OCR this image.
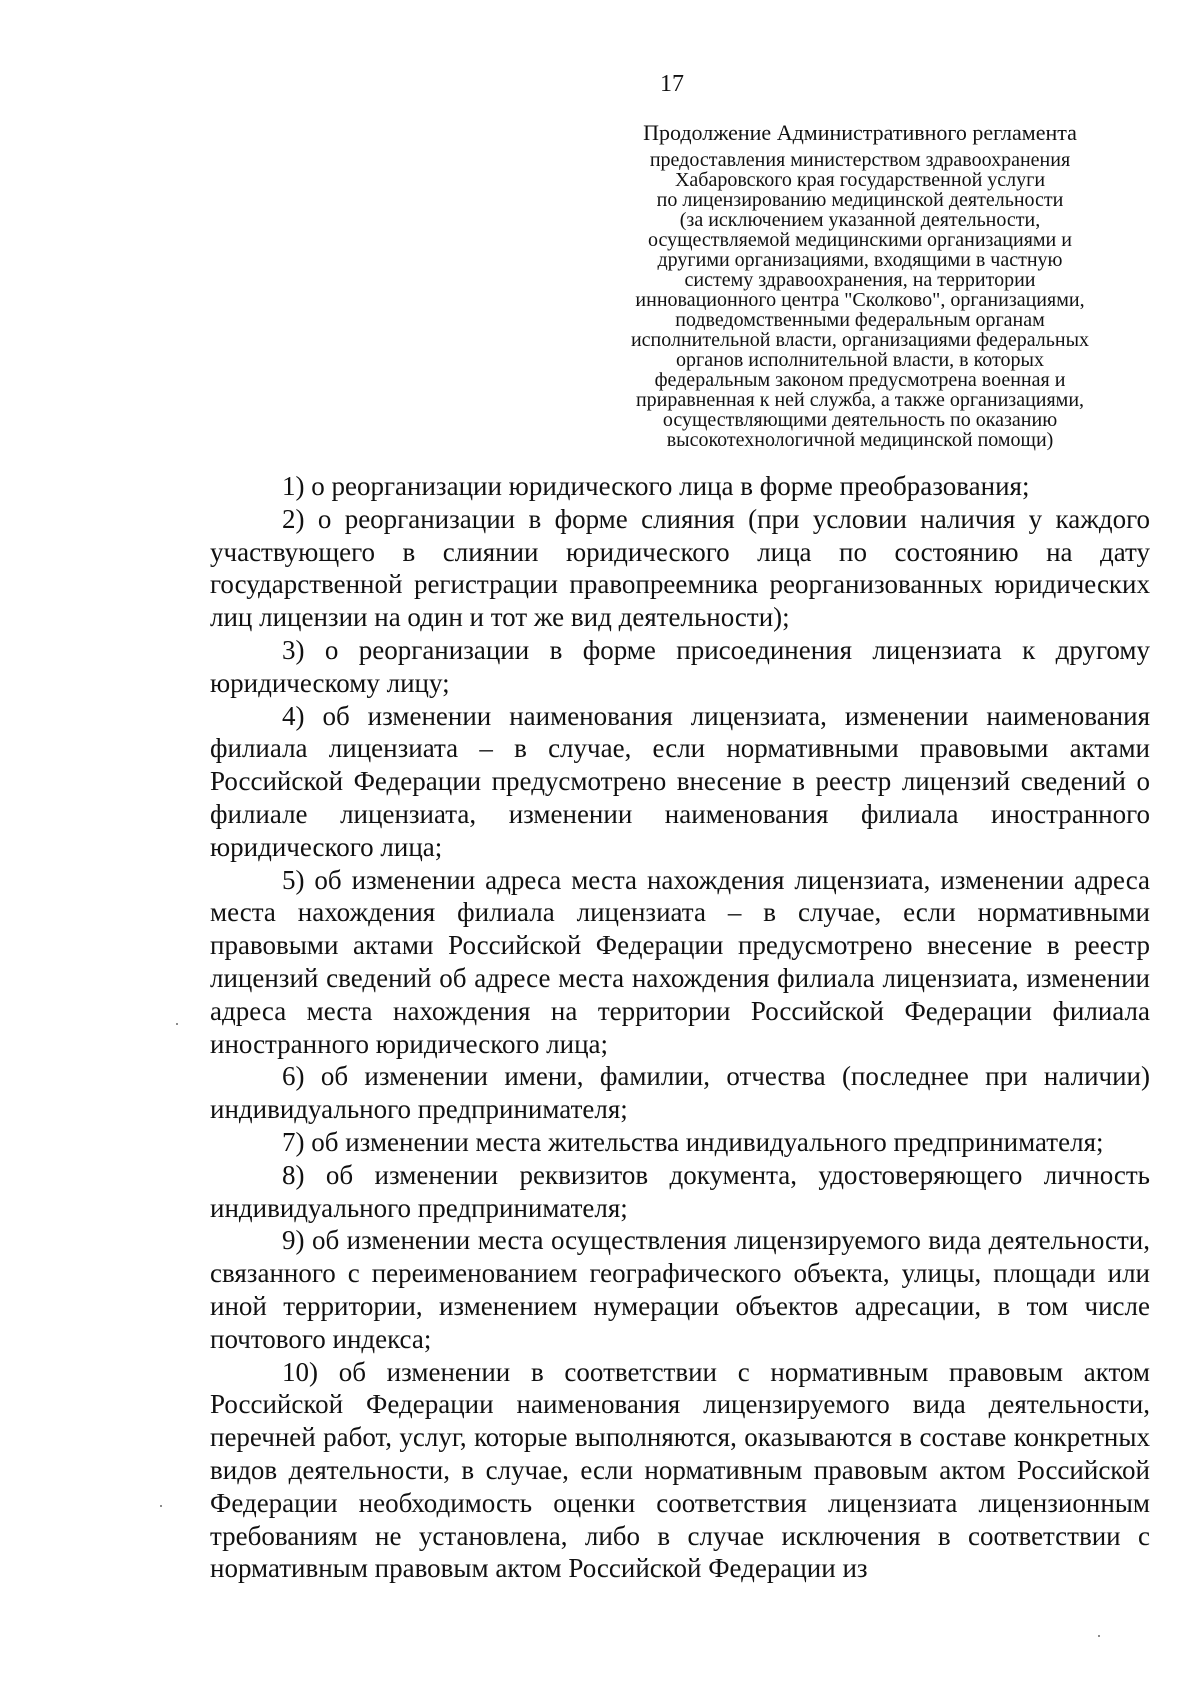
17
Продолжение Административного регламента
предоставления министерством здравоохранения
Хабаровского края государственной услуги
по лицензированию медицинской деятельности
(за исключением указанной деятельности,
осуществляемой медицинскими организациями и
другими организациями, входящими в частную
систему здравоохранения, на территории
инновационного центра "Сколково", организациями,
подведомственными федеральным органам
исполнительной власти, организациями федеральных
органов исполнительной власти, в которых
федеральным законом предусмотрена военная и
приравненная к ней служба, а также организациями,
осуществляющими деятельность по оказанию
высокотехнологичной медицинской помощи)

1) о реорганизации юридического лица в форме преобразования;

2) о реорганизации в форме слияния (при условии наличия у каждого участвующего в слиянии юридического лица по состоянию на дату государственной регистрации правопреемника реорганизованных юридических лиц лицензии на один и тот же вид деятельности);

3) о реорганизации в форме присоединения лицензиата к другому юридическому лицу;

4) об изменении наименования лицензиата, изменении наименования филиала лицензиата – в случае, если нормативными правовыми актами Российской Федерации предусмотрено внесение в реестр лицензий сведений о филиале лицензиата, изменении наименования филиала иностранного юридического лица;

5) об изменении адреса места нахождения лицензиата, изменении адреса места нахождения филиала лицензиата – в случае, если нормативными правовыми актами Российской Федерации предусмотрено внесение в реестр лицензий сведений об адресе места нахождения филиала лицензиата, изменении адреса места нахождения на территории Российской Федерации филиала иностранного юридического лица;

6) об изменении имени, фамилии, отчества (последнее при наличии) индивидуального предпринимателя;

7) об изменении места жительства индивидуального предпринимателя;

8) об изменении реквизитов документа, удостоверяющего личность индивидуального предпринимателя;

9) об изменении места осуществления лицензируемого вида деятельности, связанного с переименованием географического объекта, улицы, площади или иной территории, изменением нумерации объектов адресации, в том числе почтового индекса;

10) об изменении в соответствии с нормативным правовым актом Российской Федерации наименования лицензируемого вида деятельности, перечней работ, услуг, которые выполняются, оказываются в составе конкретных видов деятельности, в случае, если нормативным правовым актом Российской Федерации необходимость оценки соответствия лицензиата лицензионным требованиям не установлена, либо в случае исключения в соответствии с нормативным правовым актом Российской Федерации из
